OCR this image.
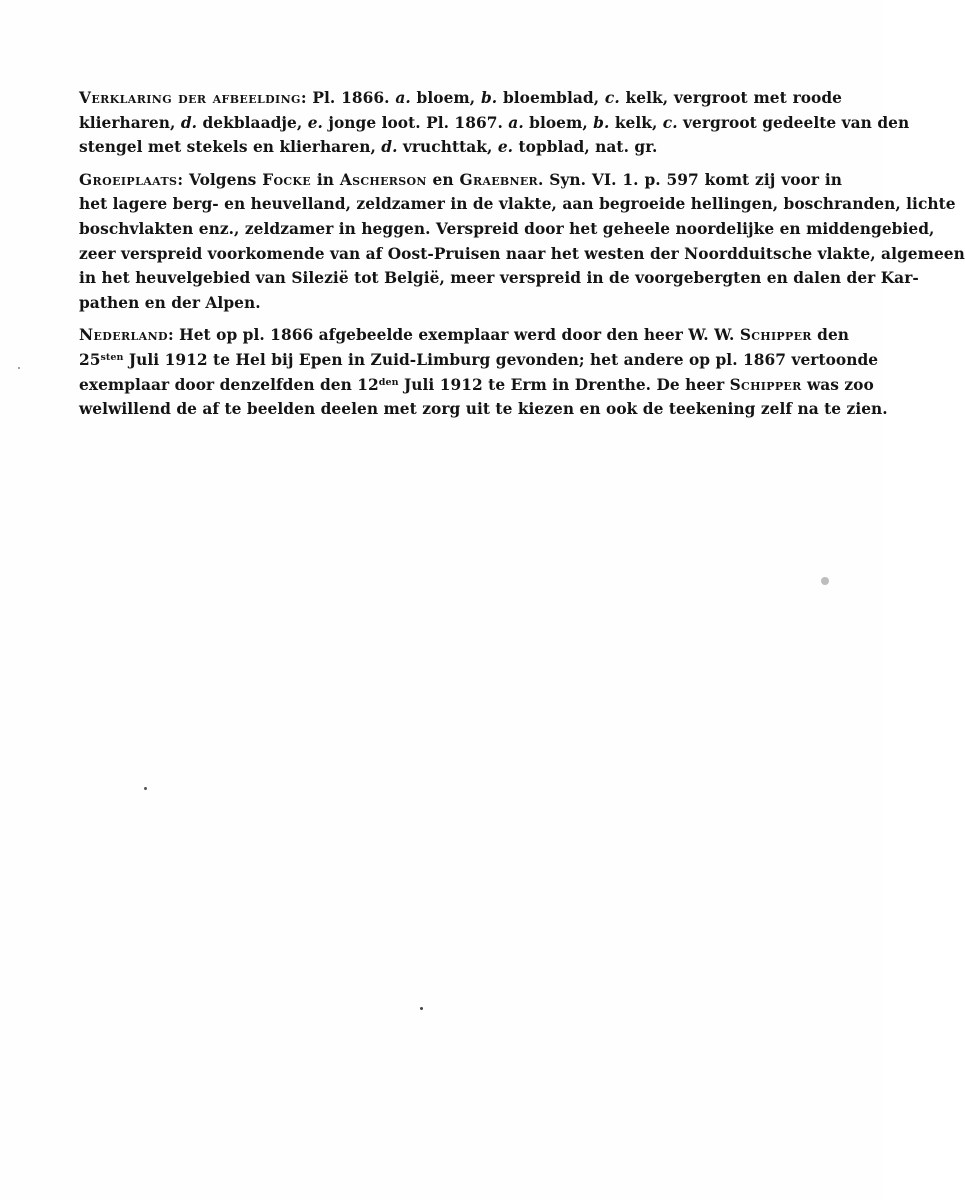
Verklaring der afbeelding: Pl. 1866. a. bloem, b. bloemblad, c. kelk, vergroot met roode
klierharen, d. dekblaadje, e. jonge loot. Pl. 1867. a. bloem, b. kelk, c. vergroot gedeelte van den
stengel met stekels en klierharen, d. vruchttak, e. topblad, nat. gr.

Groeiplaats: Volgens Focke in Ascherson en Graebner. Syn. VI. 1. p. 597 komt zij voor in
het lagere berg- en heuvelland, zeldzamer in de vlakte, aan begroeide hellingen, boschranden, lichte
boschvlakten enz., zeldzamer in heggen. Verspreid door het geheele noordelijke en middengebied,
zeer verspreid voorkomende van af Oost-Pruisen naar het westen der Noordduitsche vlakte, algemeen
in het heuvelgebied van Silezië tot België, meer verspreid in de voorgebergten en dalen der Kar-
pathen en der Alpen.

Nederland: Het op pl. 1866 afgebeelde exemplaar werd door den heer W. W. Schipper den
$25^{sten}$ Juli 1912 te Hel bij Epen in Zuid-Limburg gevonden; het andere op pl. 1867 vertoonde
exemplaar door denzelfden den $12^{den}$ Juli 1912 te Erm in Drenthe. De heer Schipper was zoo
welwillend de af te beelden deelen met zorg uit te kiezen en ook de teekening zelf na te zien.
